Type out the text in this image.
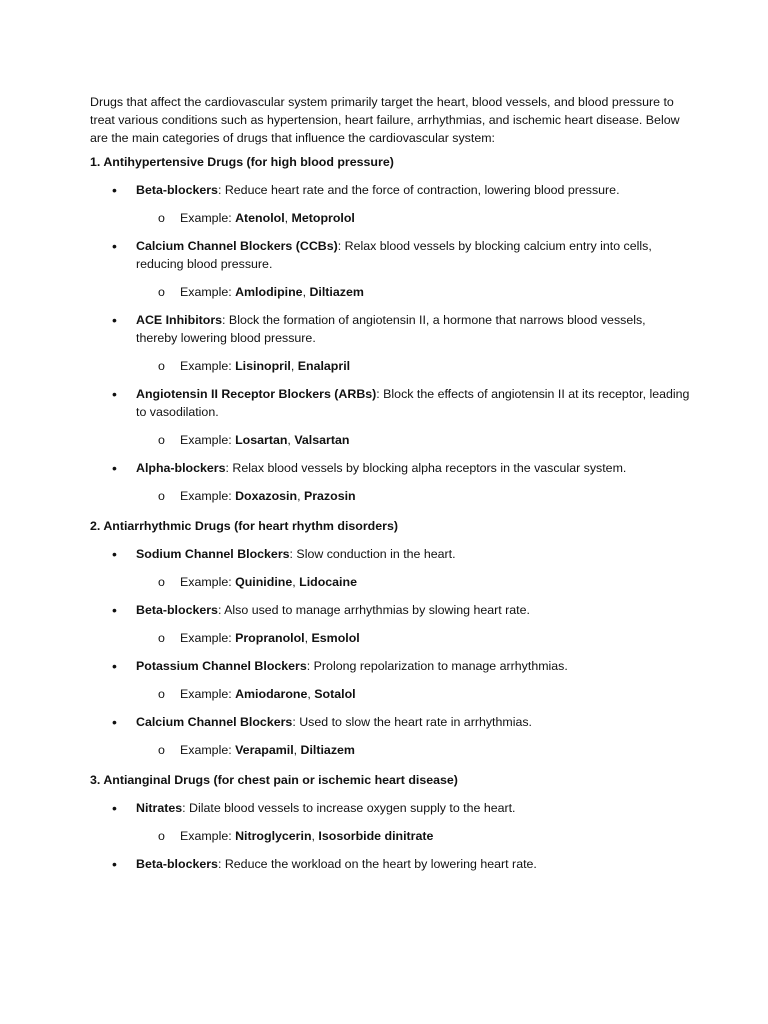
Drugs that affect the cardiovascular system primarily target the heart, blood vessels, and blood pressure to treat various conditions such as hypertension, heart failure, arrhythmias, and ischemic heart disease. Below are the main categories of drugs that influence the cardiovascular system:

1. Antihypertensive Drugs (for high blood pressure)

• Beta-blockers: Reduce heart rate and the force of contraction, lowering blood pressure.

o Example: Atenolol, Metoprolol

• Calcium Channel Blockers (CCBs): Relax blood vessels by blocking calcium entry into cells, reducing blood pressure.

o Example: Amlodipine, Diltiazem

• ACE Inhibitors: Block the formation of angiotensin II, a hormone that narrows blood vessels, thereby lowering blood pressure.

o Example: Lisinopril, Enalapril

• Angiotensin II Receptor Blockers (ARBs): Block the effects of angiotensin II at its receptor, leading to vasodilation.

o Example: Losartan, Valsartan

• Alpha-blockers: Relax blood vessels by blocking alpha receptors in the vascular system.

o Example: Doxazosin, Prazosin

2. Antiarrhythmic Drugs (for heart rhythm disorders)

• Sodium Channel Blockers: Slow conduction in the heart.

o Example: Quinidine, Lidocaine

• Beta-blockers: Also used to manage arrhythmias by slowing heart rate.

o Example: Propranolol, Esmolol

• Potassium Channel Blockers: Prolong repolarization to manage arrhythmias.

o Example: Amiodarone, Sotalol

• Calcium Channel Blockers: Used to slow the heart rate in arrhythmias.

o Example: Verapamil, Diltiazem

3. Antianginal Drugs (for chest pain or ischemic heart disease)

• Nitrates: Dilate blood vessels to increase oxygen supply to the heart.

o Example: Nitroglycerin, Isosorbide dinitrate

• Beta-blockers: Reduce the workload on the heart by lowering heart rate.
